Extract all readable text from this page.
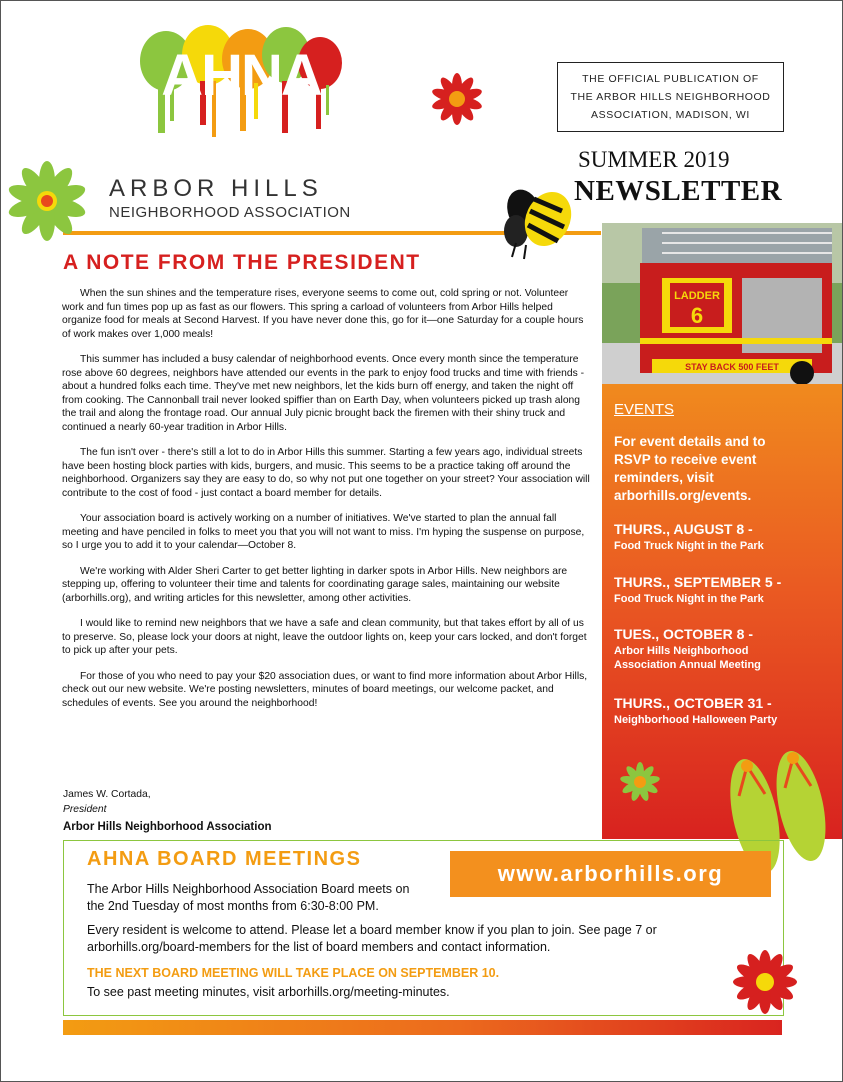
AHNA
ARBOR HILLS
NEIGHBORHOOD ASSOCIATION
THE OFFICIAL PUBLICATION OF
THE ARBOR HILLS NEIGHBORHOOD
ASSOCIATION, MADISON, WI
SUMMER 2019
NEWSLETTER
LADDER
6
STAY BACK 500 FEET
EVENTS
For event details and to RSVP to receive event reminders, visit arborhills.org/events.
THURS., AUGUST 8 -
Food Truck Night in the Park
THURS., SEPTEMBER 5 -
Food Truck Night in the Park
TUES., OCTOBER 8 -
Arbor Hills Neighborhood Association Annual Meeting
THURS., OCTOBER 31 -
Neighborhood Halloween Party
A NOTE FROM THE PRESIDENT

When the sun shines and the temperature rises, everyone seems to come out, cold spring or not. Volunteer work and fun times pop up as fast as our flowers. This spring a carload of volunteers from Arbor Hills helped organize food for meals at Second Harvest. If you have never done this, go for it—one Saturday for a couple hours of work makes over 1,000 meals!

This summer has included a busy calendar of neighborhood events. Once every month since the temperature rose above 60 degrees, neighbors have attended our events in the park to enjoy food trucks and time with friends - about a hundred folks each time. They've met new neighbors, let the kids burn off energy, and taken the night off from cooking. The Cannonball trail never looked spiffier than on Earth Day, when volunteers picked up trash along the trail and along the frontage road. Our annual July picnic brought back the firemen with their shiny truck and continued a nearly 60-year tradition in Arbor Hills.

The fun isn't over - there's still a lot to do in Arbor Hills this summer. Starting a few years ago, individual streets have been hosting block parties with kids, burgers, and music. This seems to be a practice taking off around the neighborhood. Organizers say they are easy to do, so why not put one together on your street? Your association will contribute to the cost of food - just contact a board member for details.

Your association board is actively working on a number of initiatives. We've started to plan the annual fall meeting and have penciled in folks to meet you that you will not want to miss. I'm hyping the suspense on purpose, so I urge you to add it to your calendar—October 8.

We're working with Alder Sheri Carter to get better lighting in darker spots in Arbor Hills. New neighbors are stepping up, offering to volunteer their time and talents for coordinating garage sales, maintaining our website (arborhills.org), and writing articles for this newsletter, among other activities.

I would like to remind new neighbors that we have a safe and clean community, but that takes effort by all of us to preserve. So, please lock your doors at night, leave the outdoor lights on, keep your cars locked, and don't forget to pick up after your pets.

For those of you who need to pay your $20 association dues, or want to find more information about Arbor Hills, check out our new website. We're posting newsletters, minutes of board meetings, our welcome packet, and schedules of events. See you around the neighborhood!

James W. Cortada,
President
Arbor Hills Neighborhood Association
AHNA BOARD MEETINGS
The Arbor Hills Neighborhood Association Board meets on the 2nd Tuesday of most months from 6:30-8:00 PM.
Every resident is welcome to attend. Please let a board member know if you plan to join. See page 7 or arborhills.org/board-members for the list of board members and contact information.
THE NEXT BOARD MEETING WILL TAKE PLACE ON SEPTEMBER 10.
To see past meeting minutes, visit arborhills.org/meeting-minutes.
www.arborhills.org
